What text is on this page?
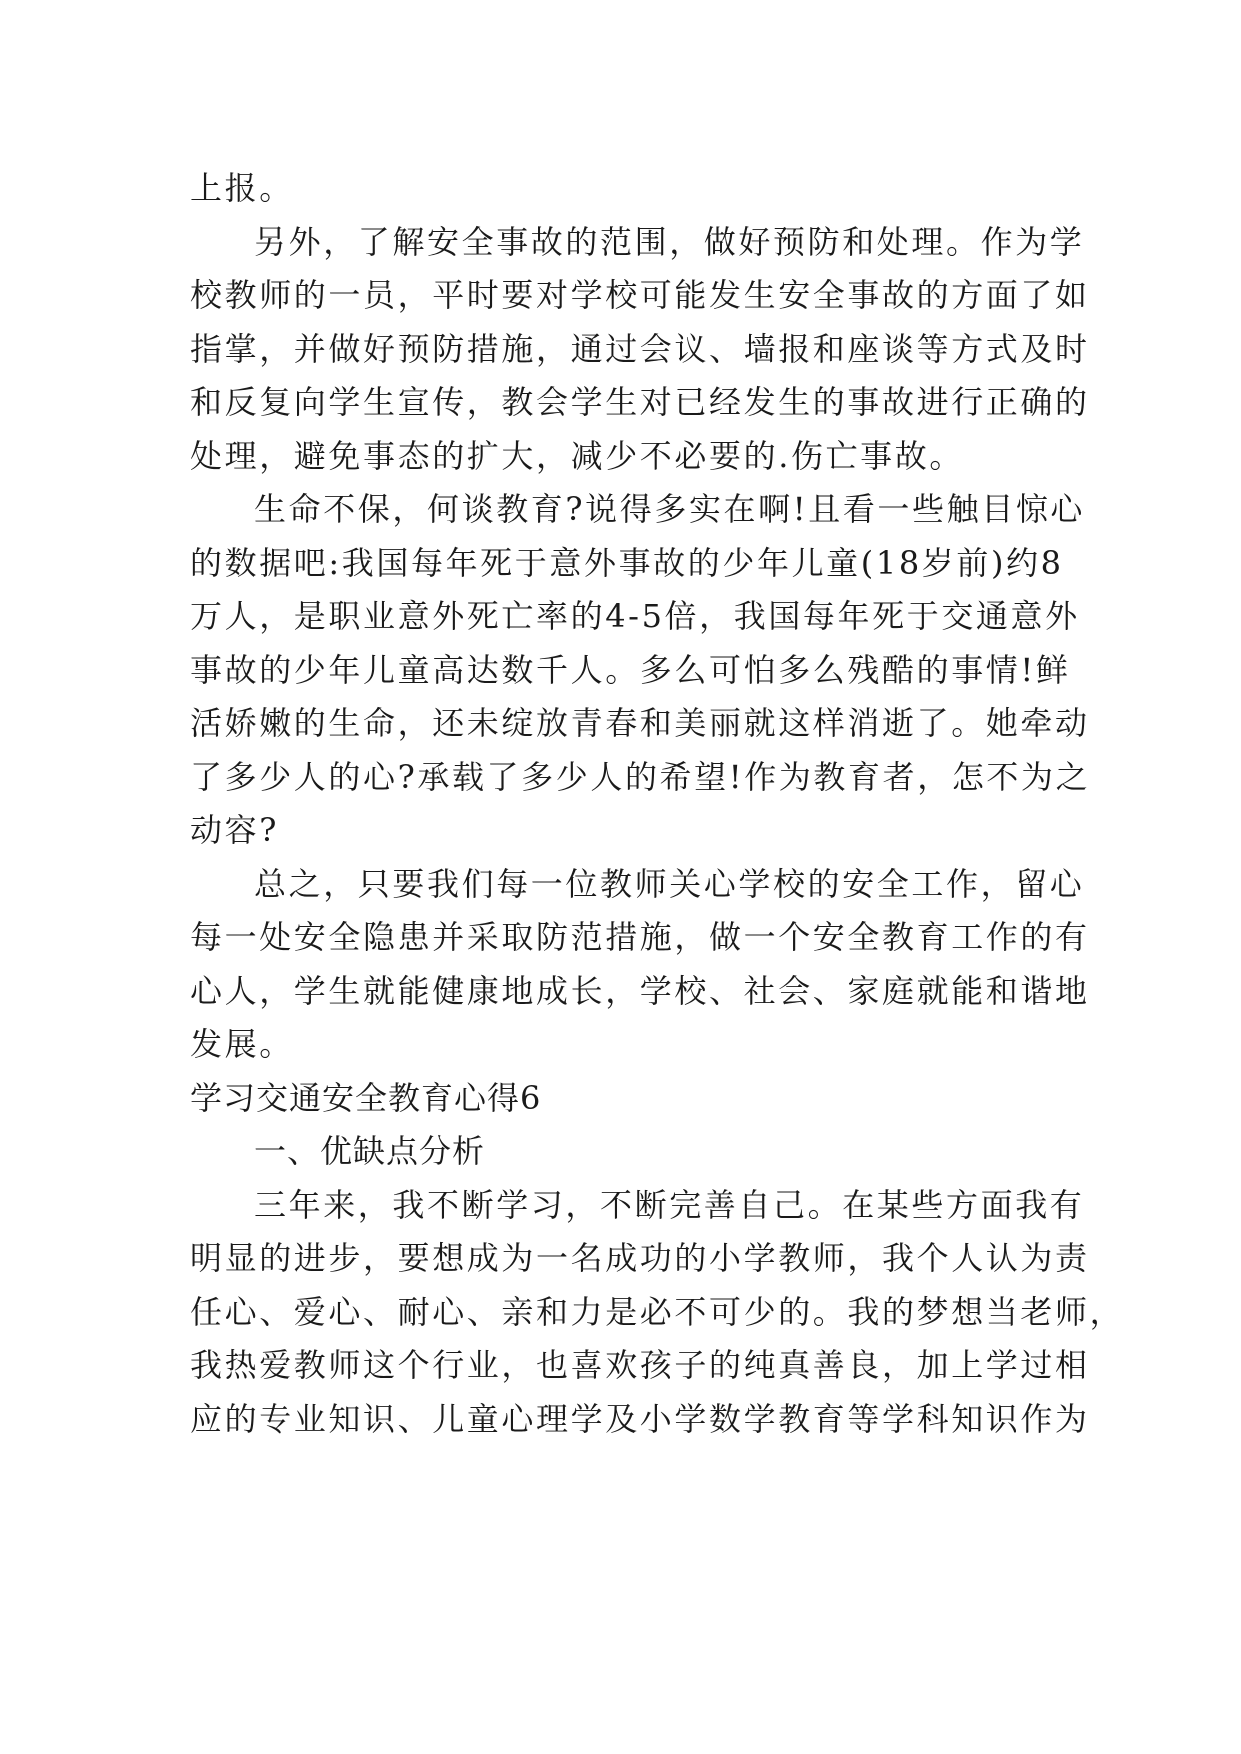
上报。
另外，了解安全事故的范围，做好预防和处理。作为学
校教师的一员，平时要对学校可能发生安全事故的方面了如
指掌，并做好预防措施，通过会议、墙报和座谈等方式及时
和反复向学生宣传，教会学生对已经发生的事故进行正确的
处理，避免事态的扩大，减少不必要的.伤亡事故。
生命不保，何谈教育?说得多实在啊!且看一些触目惊心
的数据吧:我国每年死于意外事故的少年儿童(18岁前)约8
万人，是职业意外死亡率的4-5倍，我国每年死于交通意外
事故的少年儿童高达数千人。多么可怕多么残酷的事情!鲜
活娇嫩的生命，还未绽放青春和美丽就这样消逝了。她牵动
了多少人的心?承载了多少人的希望!作为教育者，怎不为之
动容?
总之，只要我们每一位教师关心学校的安全工作，留心
每一处安全隐患并采取防范措施，做一个安全教育工作的有
心人，学生就能健康地成长，学校、社会、家庭就能和谐地
发展。
学习交通安全教育心得6
一、优缺点分析
三年来，我不断学习，不断完善自己。在某些方面我有
明显的进步，要想成为一名成功的小学教师，我个人认为责
任心、爱心、耐心、亲和力是必不可少的。我的梦想当老师，
我热爱教师这个行业，也喜欢孩子的纯真善良，加上学过相
应的专业知识、儿童心理学及小学数学教育等学科知识作为
